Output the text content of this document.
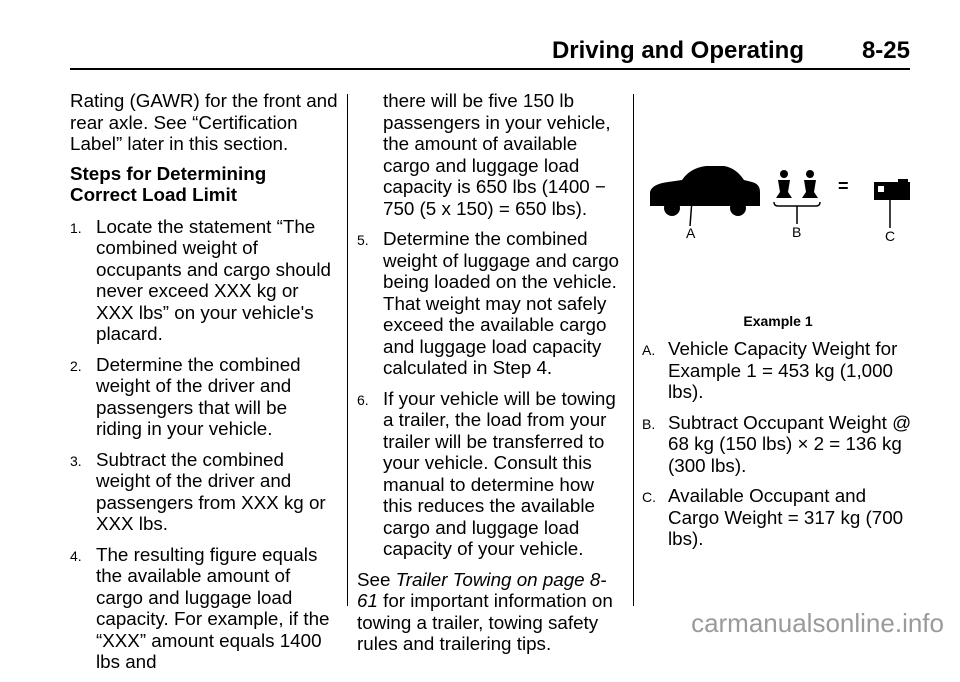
Driving and Operating 8-25

Rating (GAWR) for the front and rear axle. See “Certification Label” later in this section.

Steps for Determining Correct Load Limit
1. Locate the statement “The combined weight of occupants and cargo should never exceed XXX kg or XXX lbs” on your vehicle's placard.
2. Determine the combined weight of the driver and passengers that will be riding in your vehicle.
3. Subtract the combined weight of the driver and passengers from XXX kg or XXX lbs.
4. The resulting figure equals the available amount of cargo and luggage load capacity. For example, if the “XXX” amount equals 1400 lbs and
there will be five 150 lb passengers in your vehicle, the amount of available cargo and luggage load capacity is 650 lbs (1400 − 750 (5 x 150) = 650 lbs).
5. Determine the combined weight of luggage and cargo being loaded on the vehicle. That weight may not safely exceed the available cargo and luggage load capacity calculated in Step 4.
6. If your vehicle will be towing a trailer, the load from your trailer will be transferred to your vehicle. Consult this manual to determine how this reduces the available cargo and luggage load capacity of your vehicle.

See Trailer Towing on page 8-61 for important information on towing a trailer, towing safety rules and trailering tips.

A
−
B
=
C
Example 1
A. Vehicle Capacity Weight for Example 1 = 453 kg (1,000 lbs).
B. Subtract Occupant Weight @ 68 kg (150 lbs) × 2 = 136 kg (300 lbs).
C. Available Occupant and Cargo Weight = 317 kg (700 lbs).
carmanualsonline.info
